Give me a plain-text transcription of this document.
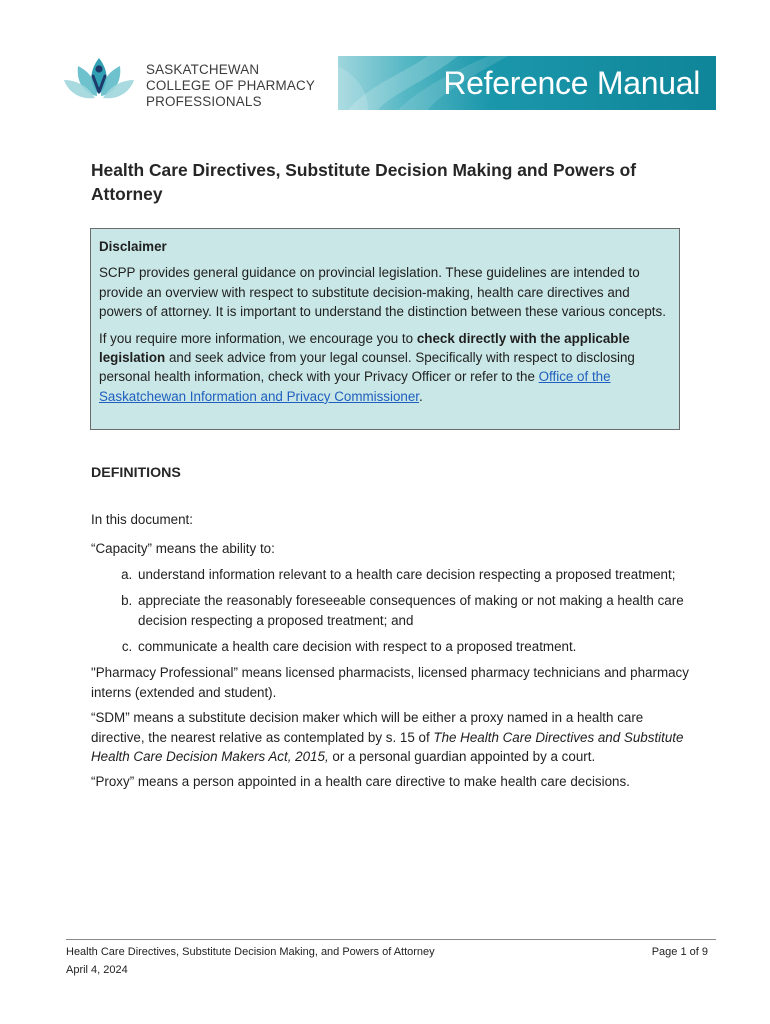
SASKATCHEWAN
COLLEGE OF PHARMACY
PROFESSIONALS
Reference Manual
Health Care Directives, Substitute Decision Making and Powers of Attorney

Disclaimer

SCPP provides general guidance on provincial legislation. These guidelines are intended to provide an overview with respect to substitute decision-making, health care directives and powers of attorney. It is important to understand the distinction between these various concepts.

If you require more information, we encourage you to check directly with the applicable legislation and seek advice from your legal counsel. Specifically with respect to disclosing personal health information, check with your Privacy Officer or refer to the Office of the Saskatchewan Information and Privacy Commissioner.

DEFINITIONS

In this document:

“Capacity” means the ability to:

a. understand information relevant to a health care decision respecting a proposed treatment;
b. appreciate the reasonably foreseeable consequences of making or not making a health care decision respecting a proposed treatment; and
c. communicate a health care decision with respect to a proposed treatment.

"Pharmacy Professional” means licensed pharmacists, licensed pharmacy technicians and pharmacy interns (extended and student).

“SDM” means a substitute decision maker which will be either a proxy named in a health care directive, the nearest relative as contemplated by s. 15 of The Health Care Directives and Substitute Health Care Decision Makers Act, 2015, or a personal guardian appointed by a court.

“Proxy” means a person appointed in a health care directive to make health care decisions.

Health Care Directives, Substitute Decision Making, and Powers of Attorney
April 4, 2024
Page 1 of 9
